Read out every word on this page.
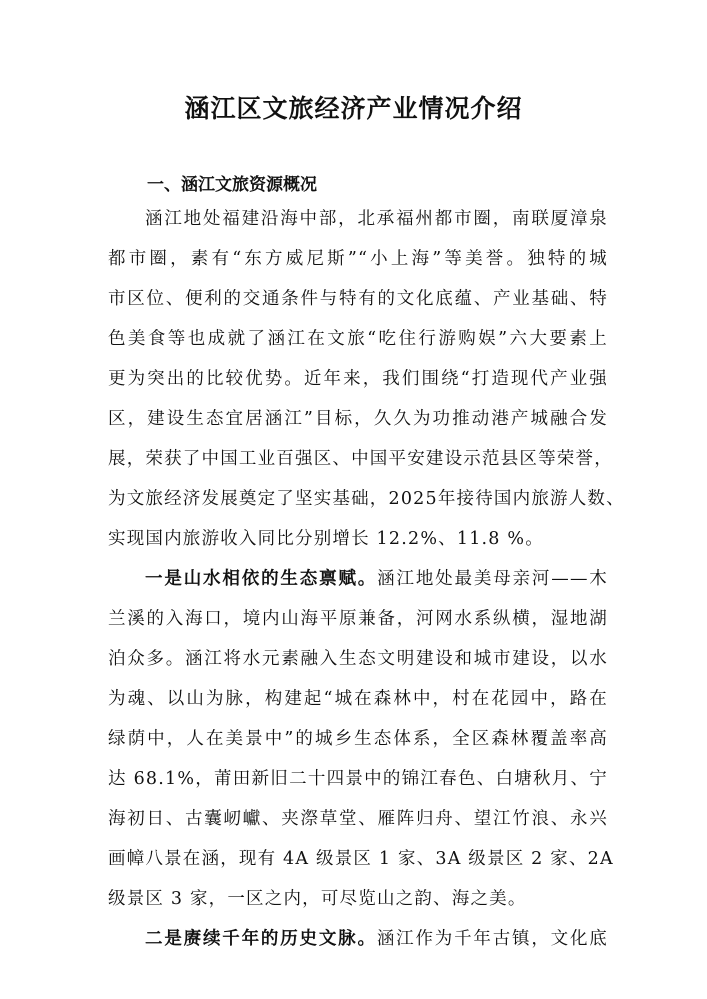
涵江区文旅经济产业情况介绍
一、涵江文旅资源概况
涵江地处福建沿海中部，北承福州都市圈，南联厦漳泉
都市圈，素有“东方威尼斯”“小上海”等美誉。独特的城
市区位、便利的交通条件与特有的文化底蕴、产业基础、特
色美食等也成就了涵江在文旅“吃住行游购娱”六大要素上
更为突出的比较优势。近年来，我们围绕“打造现代产业强
区，建设生态宜居涵江”目标，久久为功推动港产城融合发
展，荣获了中国工业百强区、中国平安建设示范县区等荣誉，
为文旅经济发展奠定了坚实基础，2025年接待国内旅游人数、
实现国内旅游收入同比分别增长 12.2%、11.8 %。
一是山水相依的生态禀赋。涵江地处最美母亲河——木
兰溪的入海口，境内山海平原兼备，河网水系纵横，湿地湖
泊众多。涵江将水元素融入生态文明建设和城市建设，以水
为魂、以山为脉，构建起“城在森林中，村在花园中，路在
绿荫中，人在美景中”的城乡生态体系，全区森林覆盖率高
达 68.1%，莆田新旧二十四景中的锦江春色、白塘秋月、宁
海初日、古囊屻巘、夹漈草堂、雁阵归舟、望江竹浪、永兴
画幛八景在涵，现有 4A 级景区 1 家、3A 级景区 2 家、2A
级景区 3 家，一区之内，可尽览山之韵、海之美。
二是赓续千年的历史文脉。涵江作为千年古镇，文化底
